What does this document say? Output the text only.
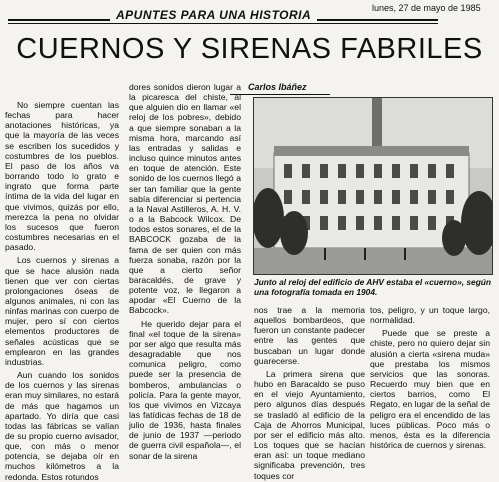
APUNTES PARA UNA HISTORIA	lunes, 27 de mayo de 1985
CUERNOS Y SIRENAS FABRILES
Carlos Ibáñez

No siempre cuentan las fechas para hacer anotaciones históricas, ya que la mayoría de las veces se escriben los sucedidos y costumbres de los pueblos. El paso de los años va borrando todo lo grato e ingrato que forma parte íntima de la vida del lugar en que vivimos, quizás por ello, merezca la pena no olvidar los sucesos que fueron costumbres necesarias en el pasado.

Los cuernos y sirenas a que se hace alusión nada tienen que ver con ciertas prolongaciones óseas de algunos animales, ni con las ninfas marinas con cuerpo de mujer, pero sí con ciertos elementos productores de señales acústicas que se emplearon en las grandes industrias.

Aun cuando los sonidos de los cuernos y las sirenas eran muy similares, no estará de más que hagamos un apartado. Yo diría que casi todas las fábricas se valían de su propio cuerno avisador, que, con más o menor potencia, se dejaba oír en muchos kilómetros a la redonda. Estos rotundos

dores sonidos dieron lugar a la picaresca del chiste, al que alguien dio en llamar «el reloj de los pobres», debido a que siempre sonaban a la misma hora, marcando así las entradas y salidas e incluso quince minutos antes en toque de atención. Este sonido de los cuernos llegó a ser tan familiar que la gente sabía diferenciar si pertencia a la Naval Astilleros, A. H. V. o a la Babcock Wilcox. De todos estos sonares, el de la BABCOCK gozaba de la fama de ser quien con más fuerza sonaba, razón por la que a cierto señor baracaldés, de grave y potente voz, le llegaron a apodar «El Cuerno de la Babcock».

He querido dejar para el final «el toque de la sirena» por ser algo que resulta más desagradable que nos comunica peligro, como puede ser la presencia de bomberos, ambulancias o policía. Para la gente mayor, los que vivimos en Vizcaya las fatídicas fechas de 18 de julio de 1936, hasta finales de junio de 1937 —periodo de guerra civil española—, el sonar de la sirena

Junto al reloj del edificio de AHV estaba el «cuerno», según una fotografía tomada en 1904.

nos trae a la memoria aquellos bombardeos, que fueron un constante padecer entre las gentes que buscaban un lugar donde guarecerse.

La primera sirena que hubo en Baracaldo se puso en el viejo Ayuntamiento, pero algunos días después se trasladó al edificio de la Caja de Ahorros Municipal, por ser el edificio más alto. Los toques que se hacían eran así: un toque mediano significaba prevención, tres toques cor

tos, peligro, y un toque largo, normalidad.

Puede que se preste a chiste, pero no quiero dejar sin alusión a cierta «sirena muda» que prestaba los mismos servicios que las sonoras. Recuerdo muy bien que en ciertos barrios, como El Regato, en lugar de la señal de peligro era el encendido de las luces públicas. Poco más o menos, ésta es la diferencia histórica de cuernos y sirenas.
